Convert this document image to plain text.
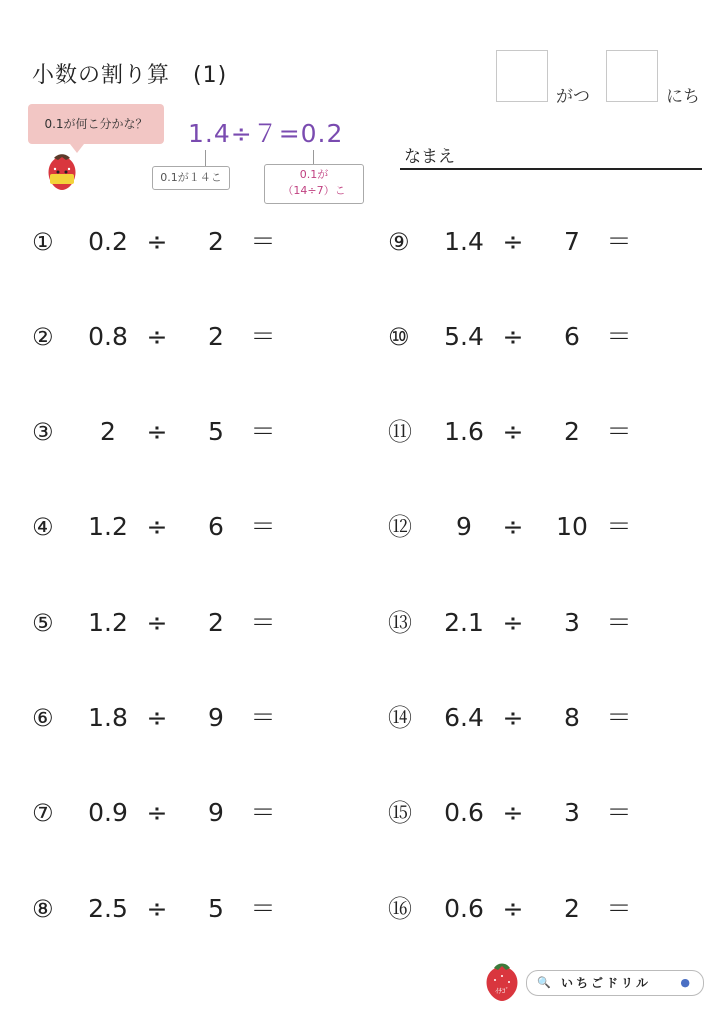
小数の割り算　(1)
がつ	にち
なまえ
0.1が何こ分かな？	1.4÷７=0.2
0.1が１４こ	0.1が
（14÷7）こ
①	0.2 ÷	2	＝
②	0.8 ÷	2	＝
③	2	÷	5	＝
④	1.2 ÷	6	＝
⑤	1.2 ÷	2	＝
⑥	1.8 ÷	9	＝
⑦	0.9 ÷	9	＝
⑧	2.5 ÷	5	＝
⑨	1.4 ÷	7	＝
⑩	5.4 ÷	6	＝
⑪	1.6 ÷	2	＝
⑫	9	÷	10 ＝
⑬	2.1 ÷	3	＝
⑭	6.4 ÷	8	＝
⑮	0.6 ÷	3	＝
⑯	0.6 ÷	2	＝
ｲﾁｺﾞ
🔍 いちごドリル	●
